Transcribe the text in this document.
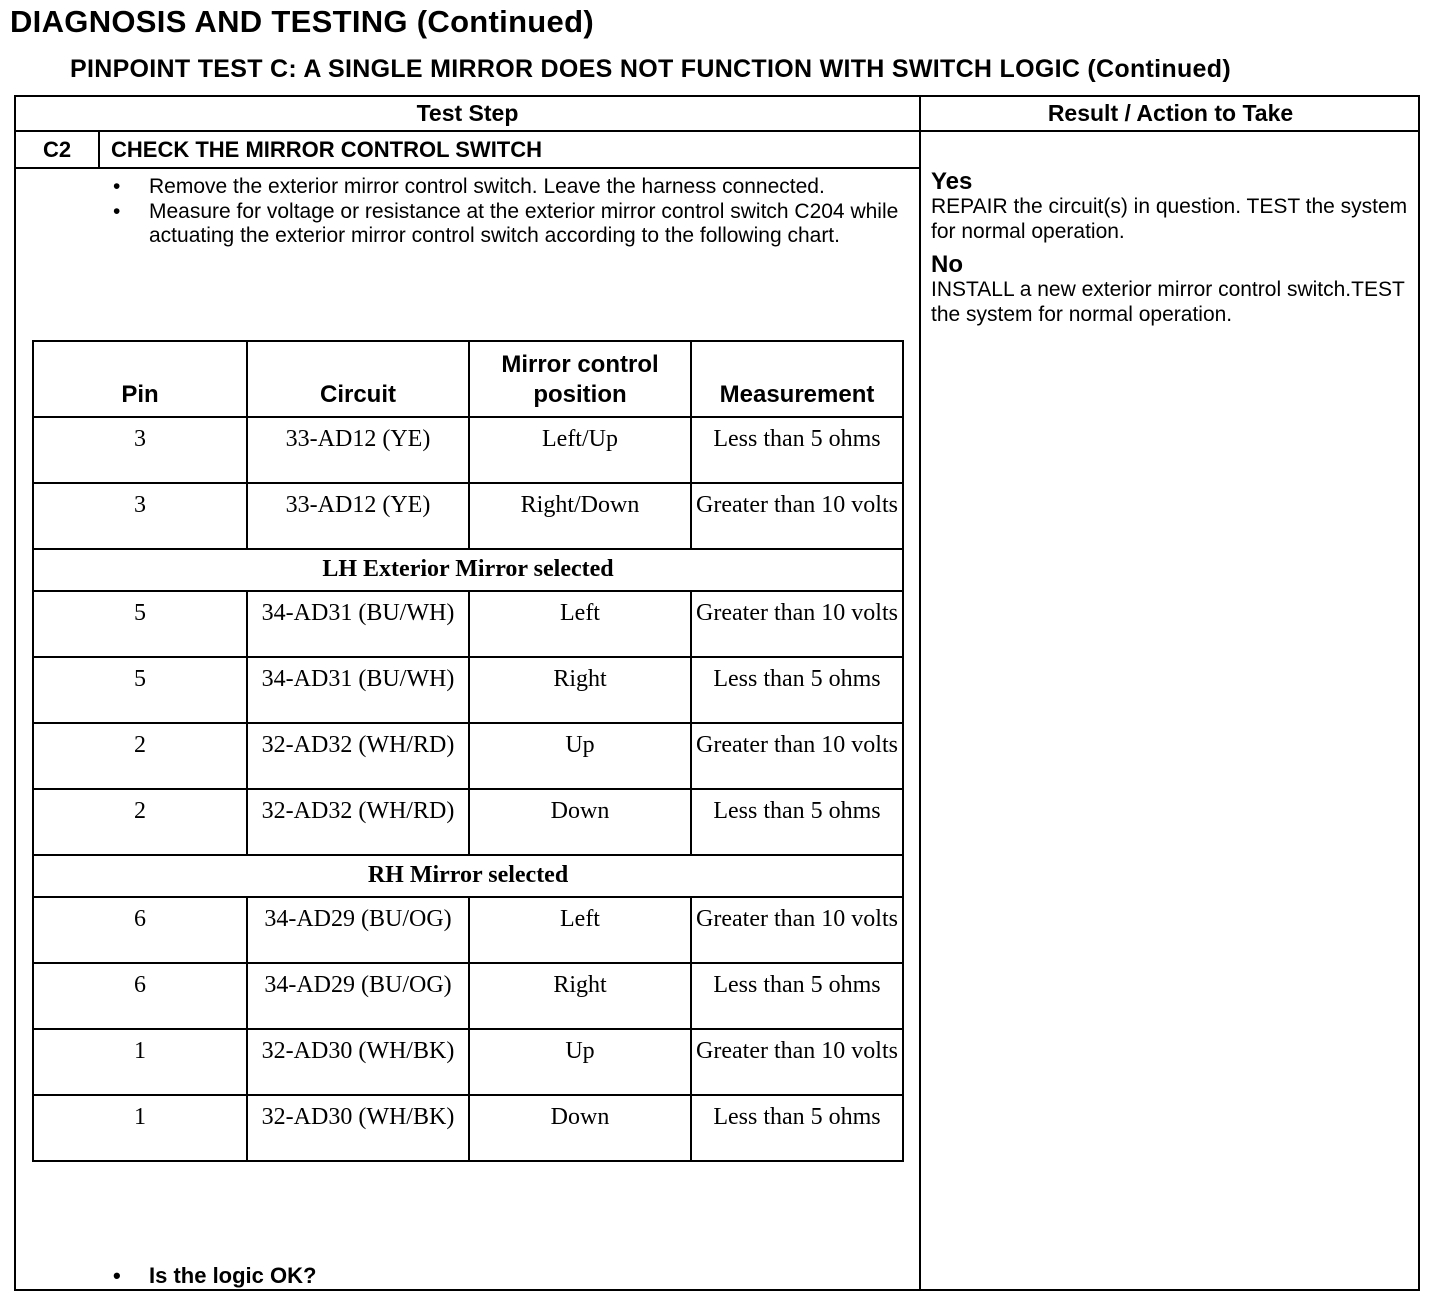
DIAGNOSIS AND TESTING (Continued)
PINPOINT TEST C: A SINGLE MIRROR DOES NOT FUNCTION WITH SWITCH LOGIC (Continued)
Test Step	Result / Action to Take
C2	CHECK THE MIRROR CONTROL SWITCH
• Remove the exterior mirror control switch. Leave the harness connected.
• Measure for voltage or resistance at the exterior mirror control switch C204 while actuating the exterior mirror control switch according to the following chart.
Pin	Circuit	Mirror control position	Measurement
3	33-AD12 (YE)	Left/Up	Less than 5 ohms
3	33-AD12 (YE)	Right/Down	Greater than 10 volts
LH Exterior Mirror selected			
5	34-AD31 (BU/WH)	Left	Greater than 10 volts
5	34-AD31 (BU/WH)	Right	Less than 5 ohms
2	32-AD32 (WH/RD)	Up	Greater than 10 volts
2	32-AD32 (WH/RD)	Down	Less than 5 ohms
RH Mirror selected			
6	34-AD29 (BU/OG)	Left	Greater than 10 volts
6	34-AD29 (BU/OG)	Right	Less than 5 ohms
1	32-AD30 (WH/BK)	Up	Greater than 10 volts
1	32-AD30 (WH/BK)	Down	Less than 5 ohms
• Is the logic OK?
Yes
REPAIR the circuit(s) in question. TEST the system for normal operation.
No
INSTALL a new exterior mirror control switch.TEST the system for normal operation.
